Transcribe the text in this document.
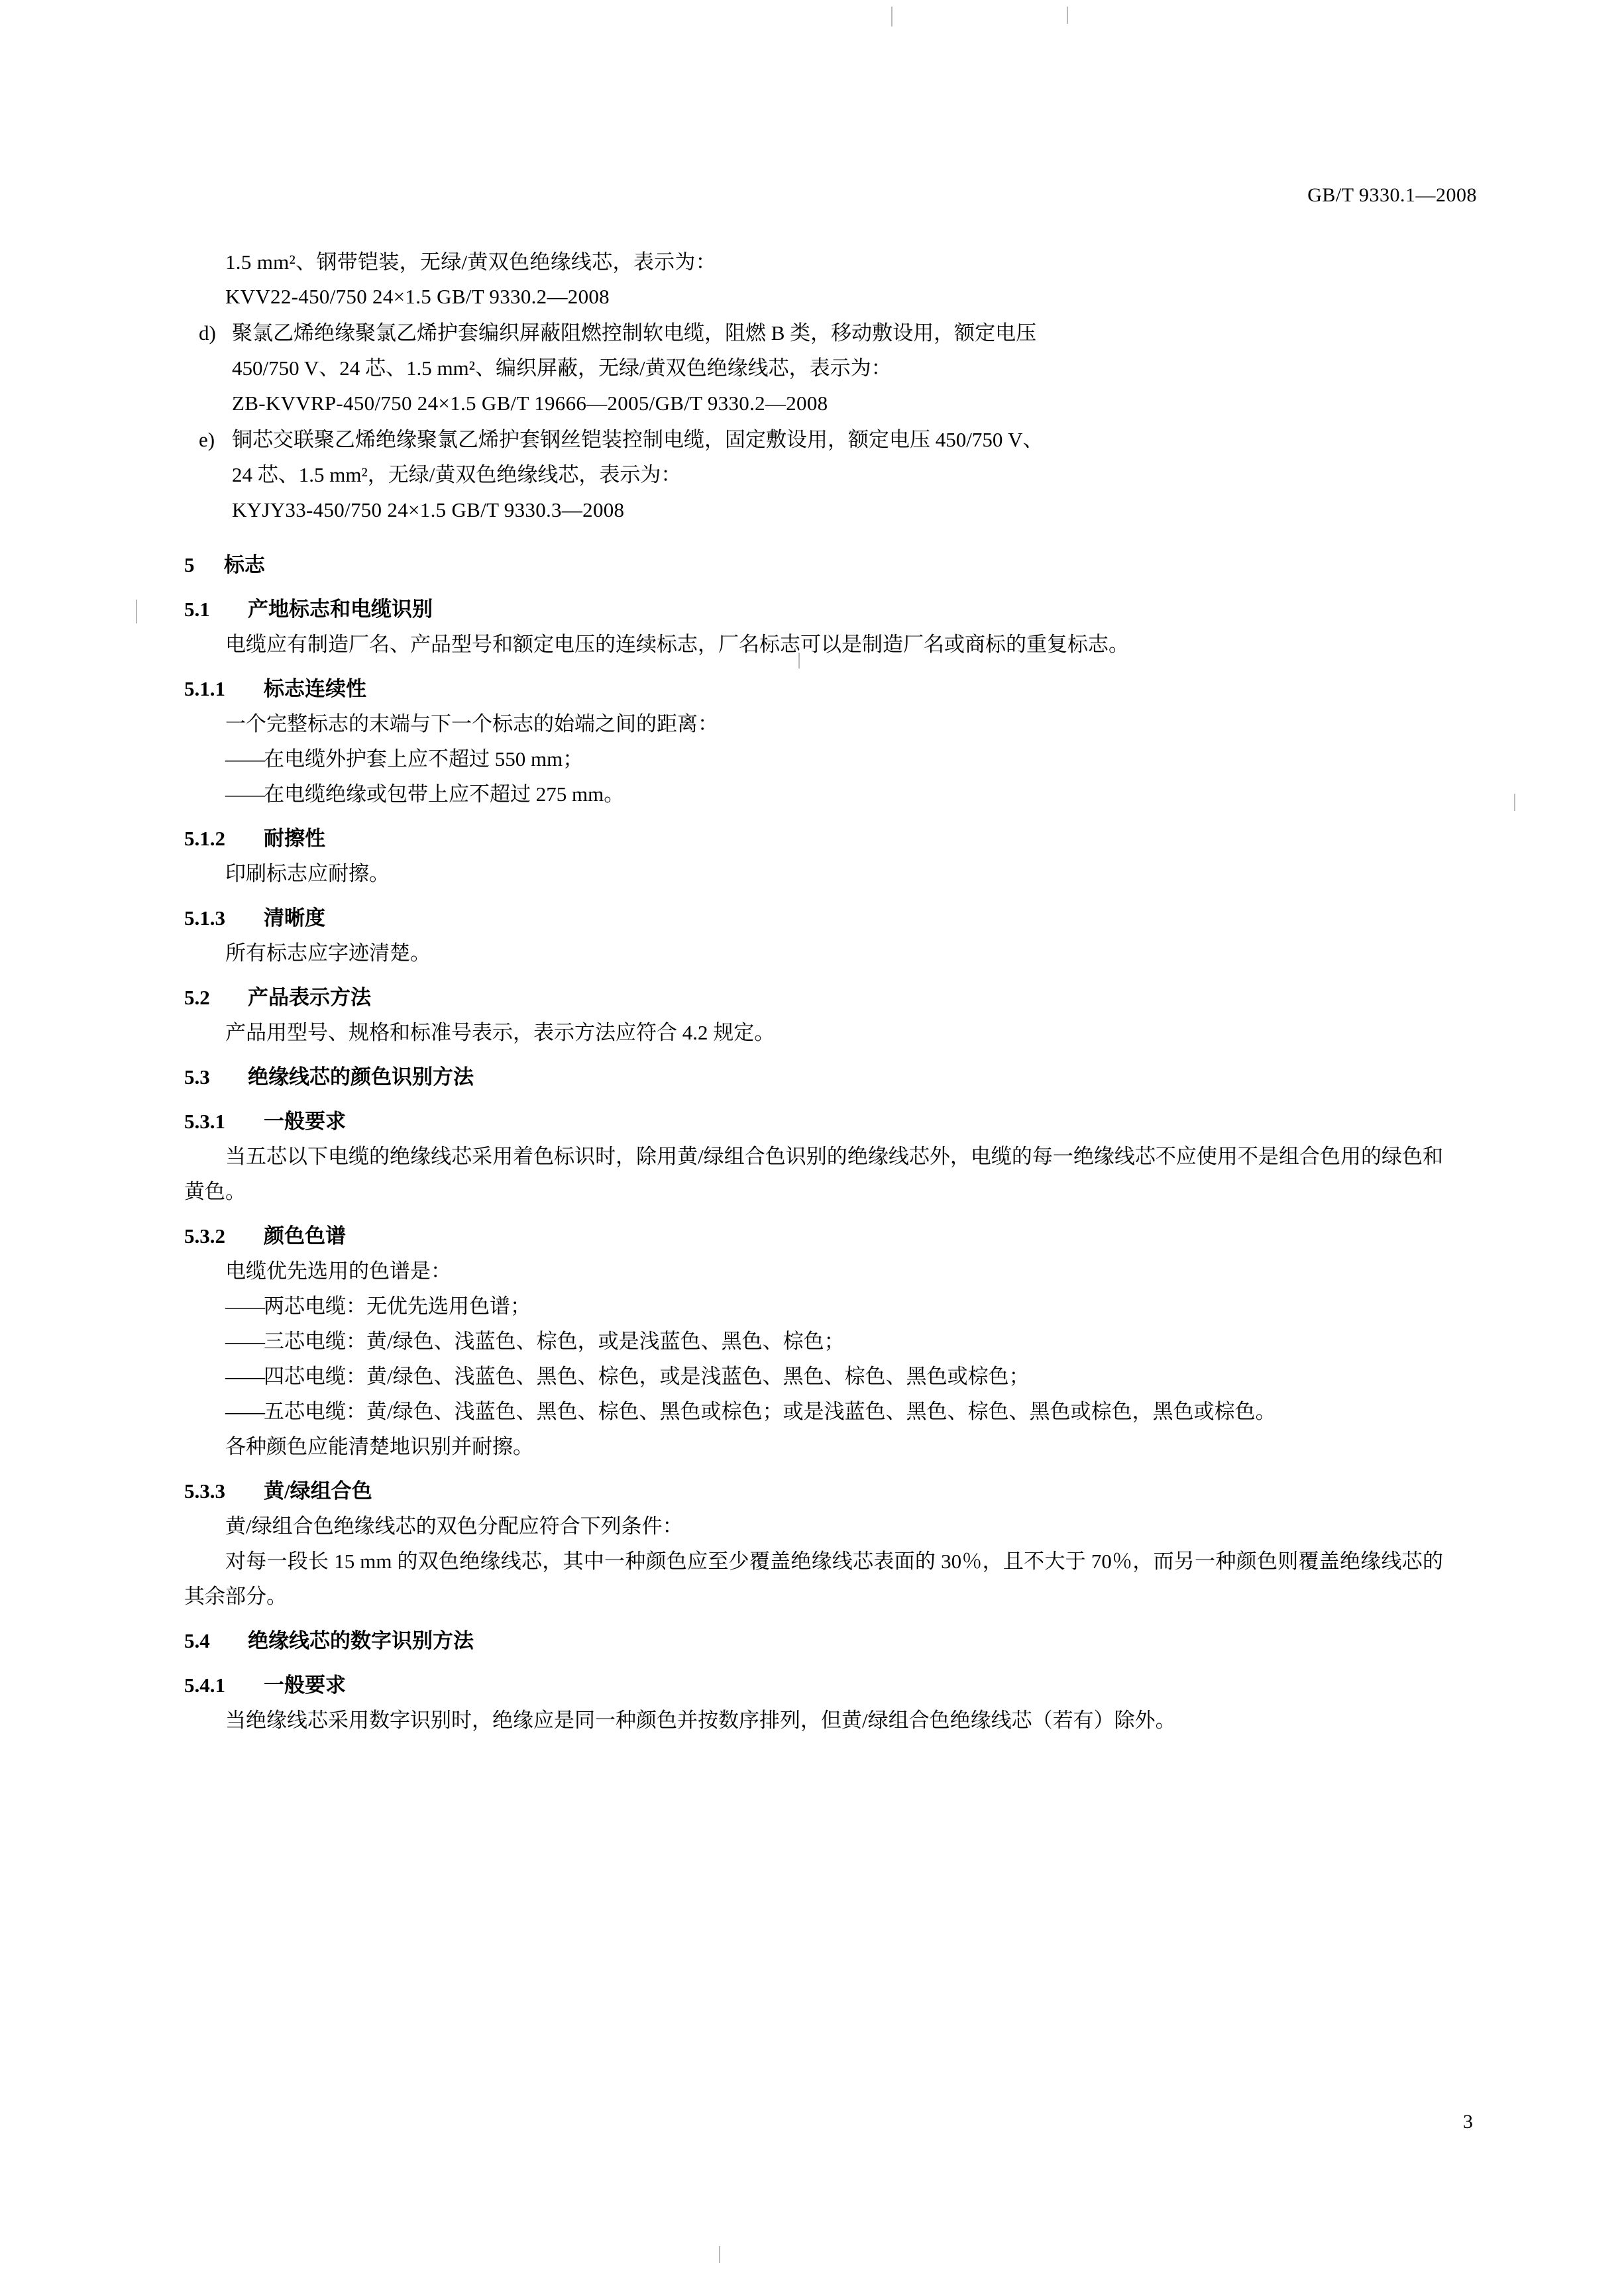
GB/T 9330.1—2008
1.5 mm²、钢带铠装，无绿/黄双色绝缘线芯，表示为：
KVV22-450/750 24×1.5 GB/T 9330.2—2008
d) 聚氯乙烯绝缘聚氯乙烯护套编织屏蔽阻燃控制软电缆，阻燃 B 类，移动敷设用，额定电压
450/750 V、24 芯、1.5 mm²、编织屏蔽，无绿/黄双色绝缘线芯，表示为：
ZB-KVVRP-450/750 24×1.5 GB/T 19666—2005/GB/T 9330.2—2008
e) 铜芯交联聚乙烯绝缘聚氯乙烯护套钢丝铠装控制电缆，固定敷设用，额定电压 450/750 V、
24 芯、1.5 mm²，无绿/黄双色绝缘线芯，表示为：
KYJY33-450/750 24×1.5 GB/T 9330.3—2008
5 标志
5.1 产地标志和电缆识别

电缆应有制造厂名、产品型号和额定电压的连续标志，厂名标志可以是制造厂名或商标的重复标志。

5.1.1 标志连续性

一个完整标志的末端与下一个标志的始端之间的距离：

—— 在电缆外护套上应不超过 550 mm；
—— 在电缆绝缘或包带上应不超过 275 mm。
5.1.2 耐擦性

印刷标志应耐擦。

5.1.3 清晰度

所有标志应字迹清楚。

5.2 产品表示方法

产品用型号、规格和标准号表示，表示方法应符合 4.2 规定。

5.3 绝缘线芯的颜色识别方法
5.3.1 一般要求

当五芯以下电缆的绝缘线芯采用着色标识时，除用黄/绿组合色识别的绝缘线芯外，电缆的每一绝缘线芯不应使用不是组合色用的绿色和黄色。

5.3.2 颜色色谱

电缆优先选用的色谱是：

—— 两芯电缆：无优先选用色谱；
—— 三芯电缆：黄/绿色、浅蓝色、棕色，或是浅蓝色、黑色、棕色；
—— 四芯电缆：黄/绿色、浅蓝色、黑色、棕色，或是浅蓝色、黑色、棕色、黑色或棕色；
—— 五芯电缆：黄/绿色、浅蓝色、黑色、棕色、黑色或棕色；或是浅蓝色、黑色、棕色、黑色或棕色，黑色或棕色。

各种颜色应能清楚地识别并耐擦。

5.3.3 黄/绿组合色

黄/绿组合色绝缘线芯的双色分配应符合下列条件：

对每一段长 15 mm 的双色绝缘线芯，其中一种颜色应至少覆盖绝缘线芯表面的 30％，且不大于 70％，而另一种颜色则覆盖绝缘线芯的其余部分。

5.4 绝缘线芯的数字识别方法
5.4.1 一般要求

当绝缘线芯采用数字识别时，绝缘应是同一种颜色并按数序排列，但黄/绿组合色绝缘线芯（若有）除外。

3
